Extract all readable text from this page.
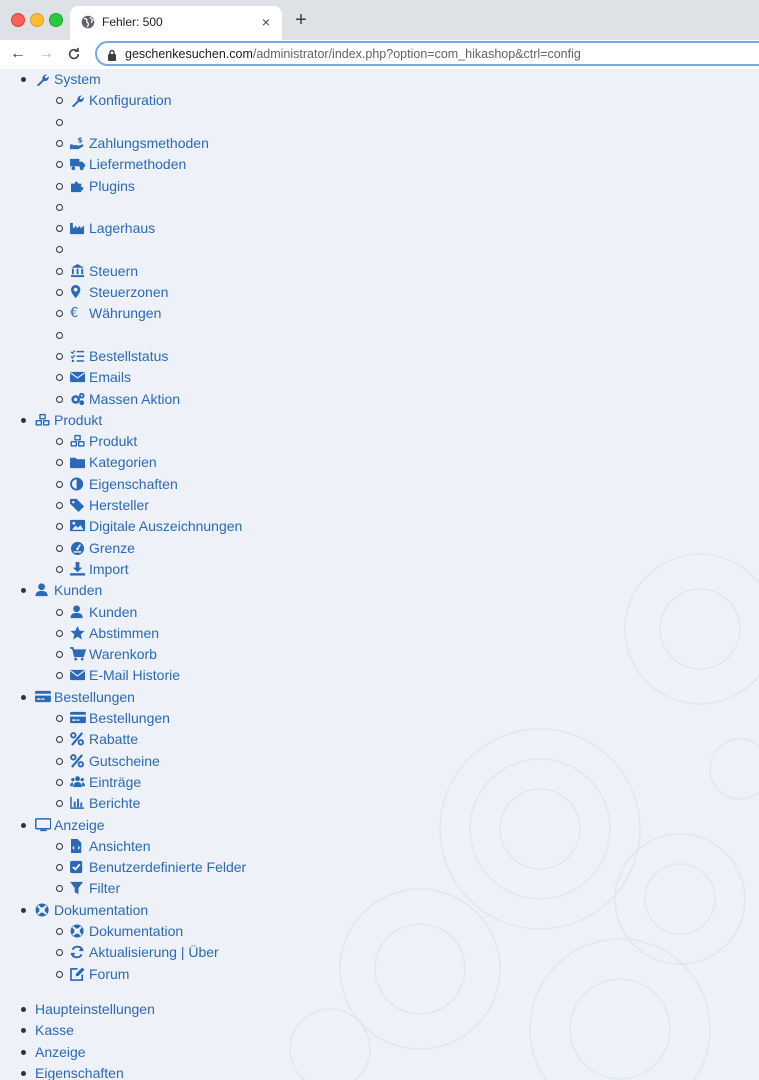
Fehler: 500	× +
← →	geschenkesuchen.com/administrator/index.php?option=com_hikashop&ctrl=config
System
Konfiguration
$ Zahlungsmethoden
Liefermethoden
Plugins
Lagerhaus
Steuern
Steuerzonen
€ Währungen
Bestellstatus
Emails
Massen Aktion
Produkt
Produkt
Kategorien
Eigenschaften
Hersteller
Digitale Auszeichnungen
Grenze
Import
Kunden
Kunden
Abstimmen
Warenkorb
E-Mail Historie
Bestellungen
Bestellungen
Rabatte
Gutscheine
Einträge
Berichte
Anzeige
Ansichten
Benutzerdefinierte Felder
Filter
Dokumentation
Dokumentation
Aktualisierung | Über
Forum
Haupteinstellungen
Kasse
Anzeige
Eigenschaften
